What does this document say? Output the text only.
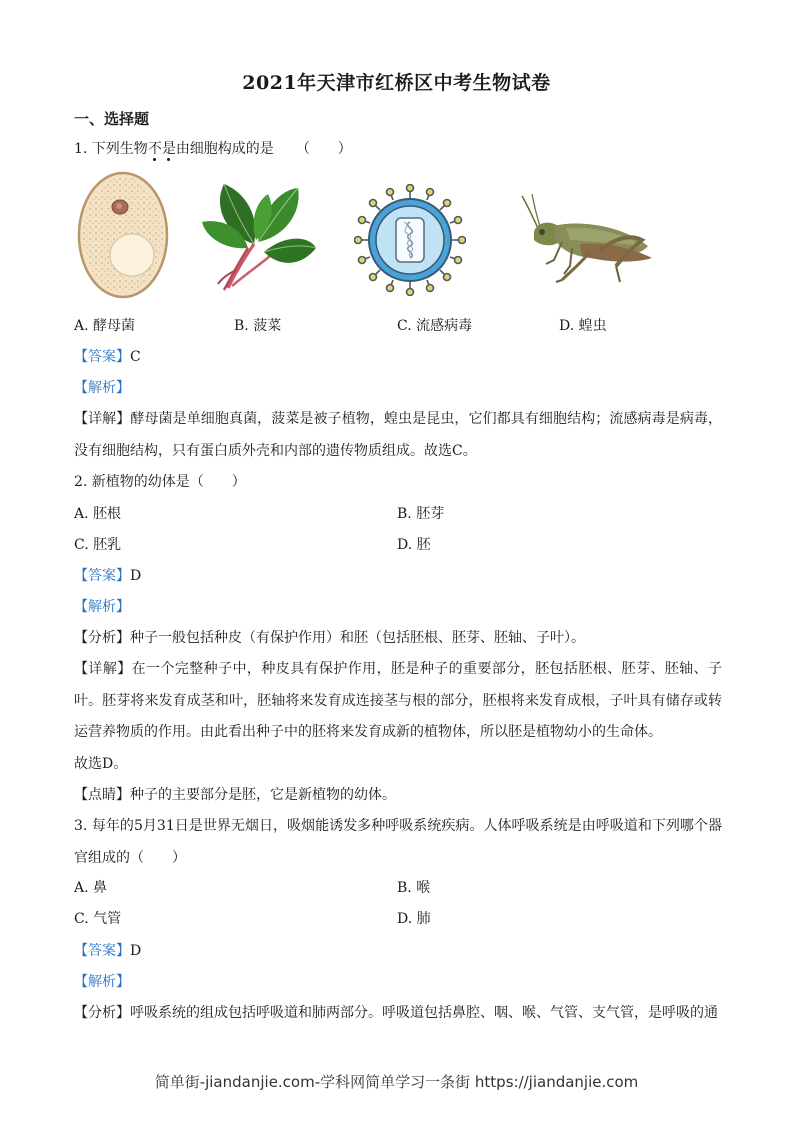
2021年天津市红桥区中考生物试卷
一、选择题
1. 下列生物不是由细胞构成的是 （　　）
A. 酵母菌	B. 菠菜	C. 流感病毒	D. 蝗虫
【答案】C
【解析】
【详解】酵母菌是单细胞真菌，菠菜是被子植物，蝗虫是昆虫，它们都具有细胞结构；流感病毒是病毒，没有细胞结构，只有蛋白质外壳和内部的遗传物质组成。故选C。
2. 新植物的幼体是（　　）
A. 胚根	B. 胚芽
C. 胚乳	D. 胚
【答案】D
【解析】
【分析】种子一般包括种皮（有保护作用）和胚（包括胚根、胚芽、胚轴、子叶）。
【详解】在一个完整种子中，种皮具有保护作用，胚是种子的重要部分，胚包括胚根、胚芽、胚轴、子叶。胚芽将来发育成茎和叶，胚轴将来发育成连接茎与根的部分，胚根将来发育成根，子叶具有储存或转运营养物质的作用。由此看出种子中的胚将来发育成新的植物体，所以胚是植物幼小的生命体。
故选D。
【点睛】种子的主要部分是胚，它是新植物的幼体。
3. 每年的5月31日是世界无烟日，吸烟能诱发多种呼吸系统疾病。人体呼吸系统是由呼吸道和下列哪个器官组成的（　　）
A. 鼻	B. 喉
C. 气管	D. 肺
【答案】D
【解析】
【分析】呼吸系统的组成包括呼吸道和肺两部分。呼吸道包括鼻腔、咽、喉、气管、支气管，是呼吸的通
简单街-jiandanjie.com-学科网简单学习一条街 https://jiandanjie.com
